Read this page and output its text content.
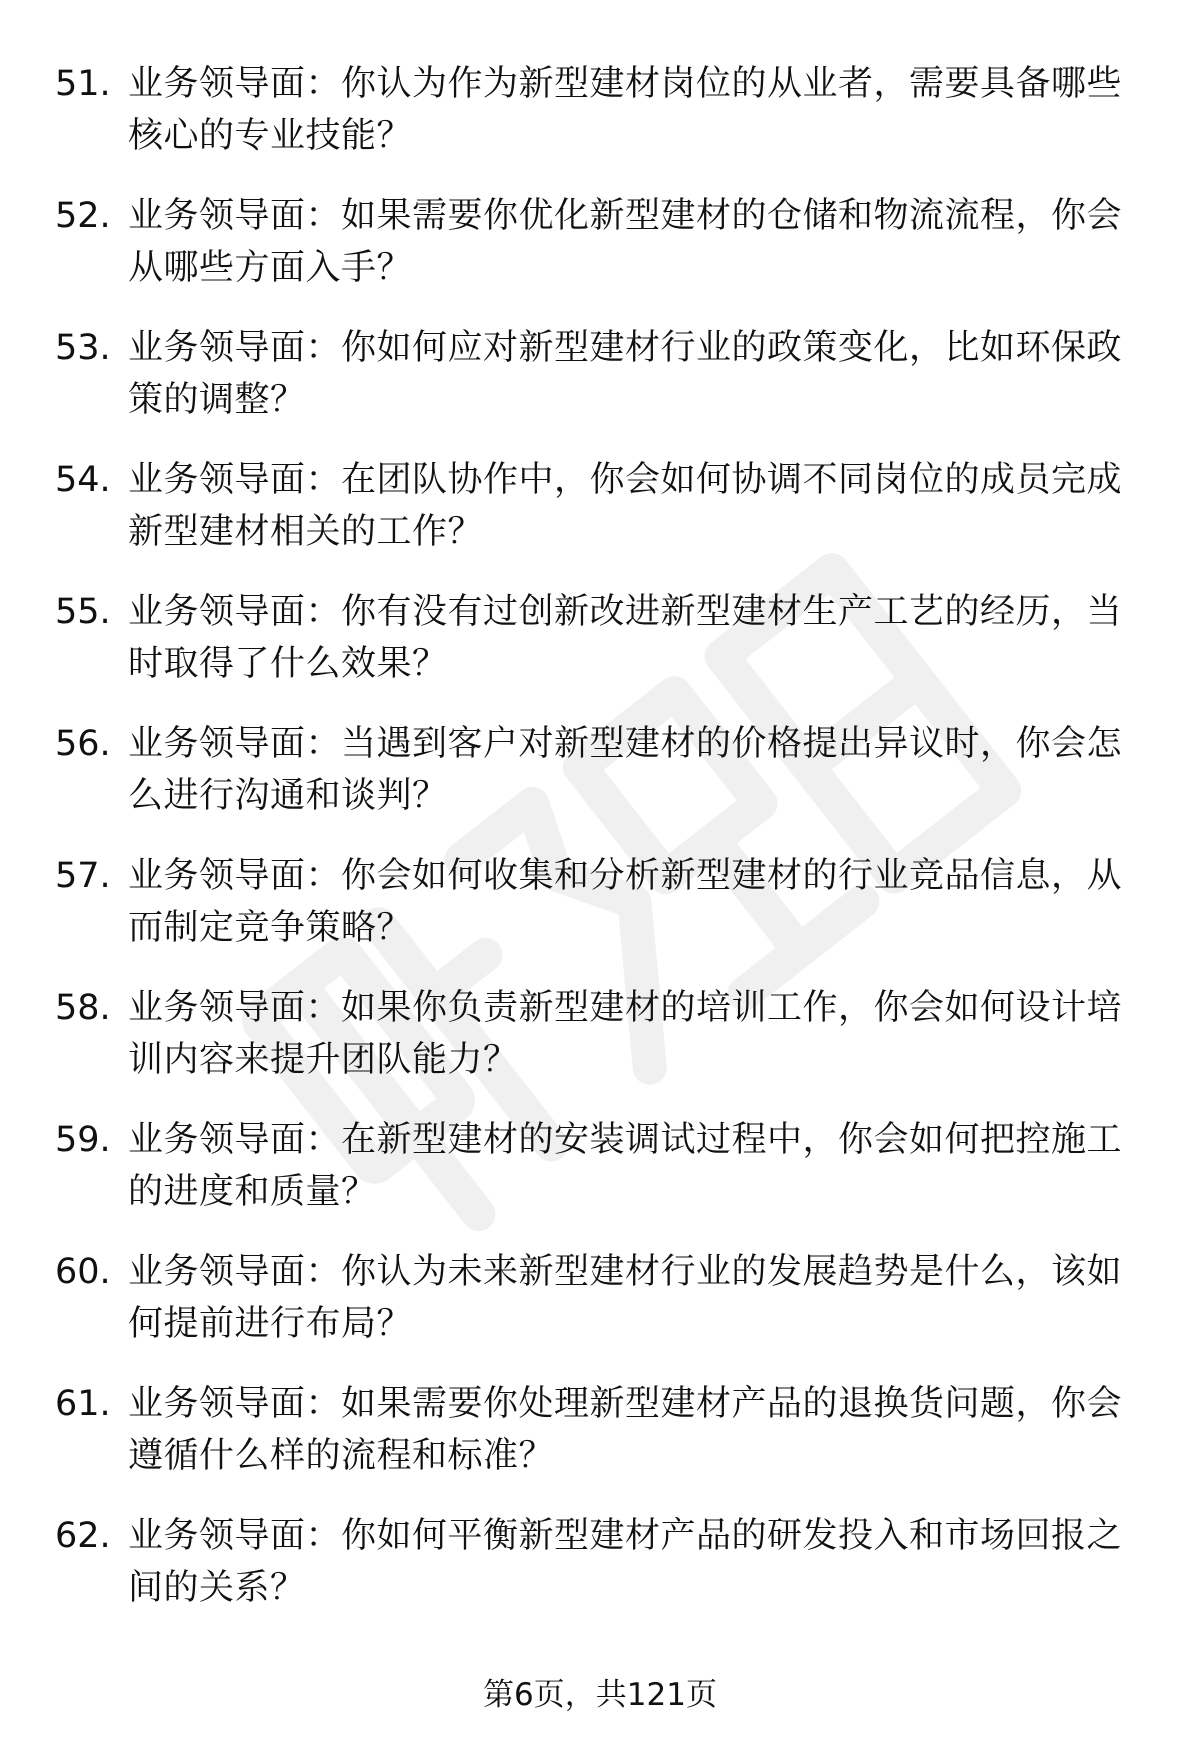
51. 业务领导面：你认为作为新型建材岗位的从业者，需要具备哪些核心的专业技能？
52. 业务领导面：如果需要你优化新型建材的仓储和物流流程，你会从哪些方面入手？
53. 业务领导面：你如何应对新型建材行业的政策变化，比如环保政策的调整？
54. 业务领导面：在团队协作中，你会如何协调不同岗位的成员完成新型建材相关的工作？
55. 业务领导面：你有没有过创新改进新型建材生产工艺的经历，当时取得了什么效果？
56. 业务领导面：当遇到客户对新型建材的价格提出异议时，你会怎么进行沟通和谈判？
57. 业务领导面：你会如何收集和分析新型建材的行业竞品信息，从而制定竞争策略？
58. 业务领导面：如果你负责新型建材的培训工作，你会如何设计培训内容来提升团队能力？
59. 业务领导面：在新型建材的安装调试过程中，你会如何把控施工的进度和质量？
60. 业务领导面：你认为未来新型建材行业的发展趋势是什么，该如何提前进行布局？
61. 业务领导面：如果需要你处理新型建材产品的退换货问题，你会遵循什么样的流程和标准？
62. 业务领导面：你如何平衡新型建材产品的研发投入和市场回报之间的关系？
第6页，共121页
